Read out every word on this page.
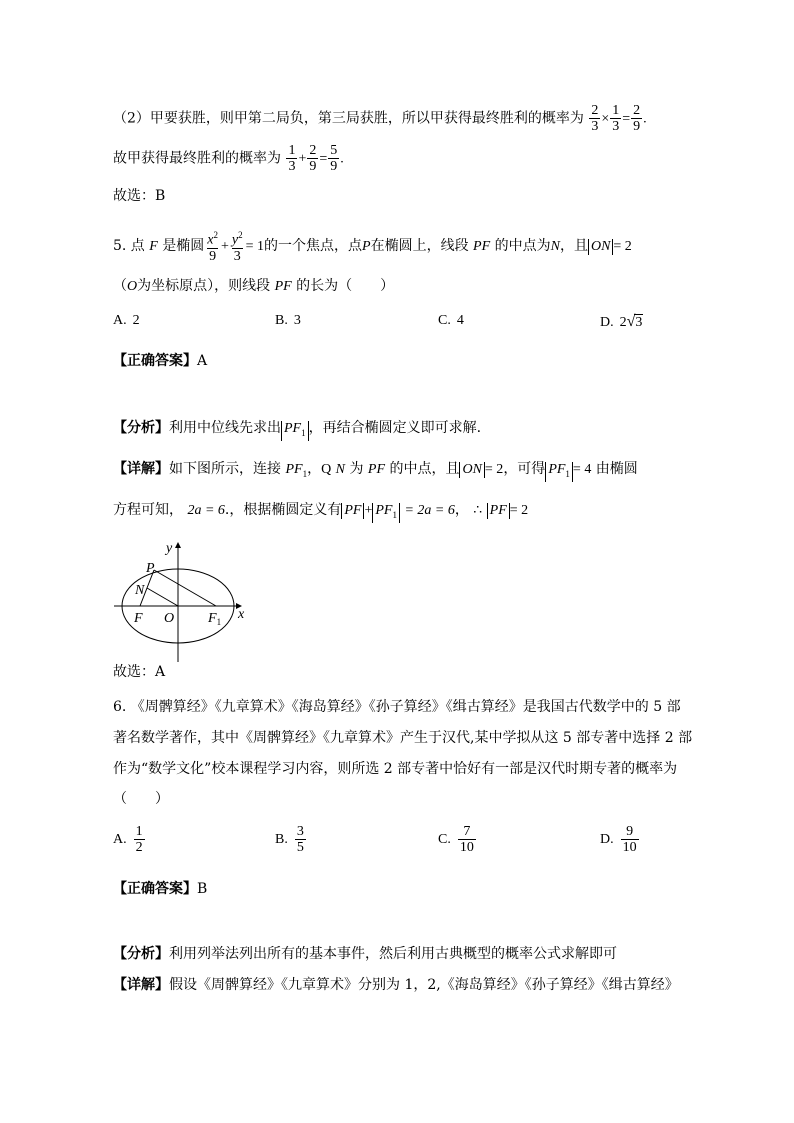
（2）甲要获胜，则甲第二局负，第三局获胜，所以甲获得最终胜利的概率为 $\frac{2}{3} \times \frac{1}{3} = \frac{2}{9}$ .
故甲获得最终胜利的概率为 $\frac{1}{3} + \frac{2}{9} = \frac{5}{9}$ .
故选：B
5. 点 F 是椭圆 $\frac{x^2}{9} + \frac{y^2}{3} = 1$的一个焦点，点P在椭圆上，线段 PF 的中点为N，且 ON = 2
（O为坐标原点），则线段 PF 的长为（　　）
A. 2	B. 3	C. 4	D. 2√3
【正确答案】A
【分析】利用中位线先求出 $PF_1$ ，再结合椭圆定义即可求解.
【详解】如下图所示，连接 $PF_1$，Q N 为 PF 的中点，且 ON = 2，可得 $PF_1 = 4$ 由椭圆
方程可知， 2a = 6.，根据椭圆定义有 PF + $PF_1 = 2a = 6$， ∴ PF = 2
y
x
P
N
F O $F_1$
故选：A
6. 《周髀算经》《九章算术》《海岛算经》《孙子算经》《缉古算经》是我国古代数学中的 5 部
著名数学著作，其中《周髀算经》《九章算术》产生于汉代,某中学拟从这 5 部专著中选择 2 部
作为“数学文化”校本课程学习内容，则所选 2 部专著中恰好有一部是汉代时期专著的概率为
（　　）
A. $\frac{1}{2}$	B. $\frac{3}{5}$	C. $\frac{7}{10}$	D. $\frac{9}{10}$
【正确答案】B
【分析】利用列举法列出所有的基本事件，然后利用古典概型的概率公式求解即可
【详解】假设《周髀算经》《九章算术》分别为 1，2,《海岛算经》《孙子算经》《缉古算经》
